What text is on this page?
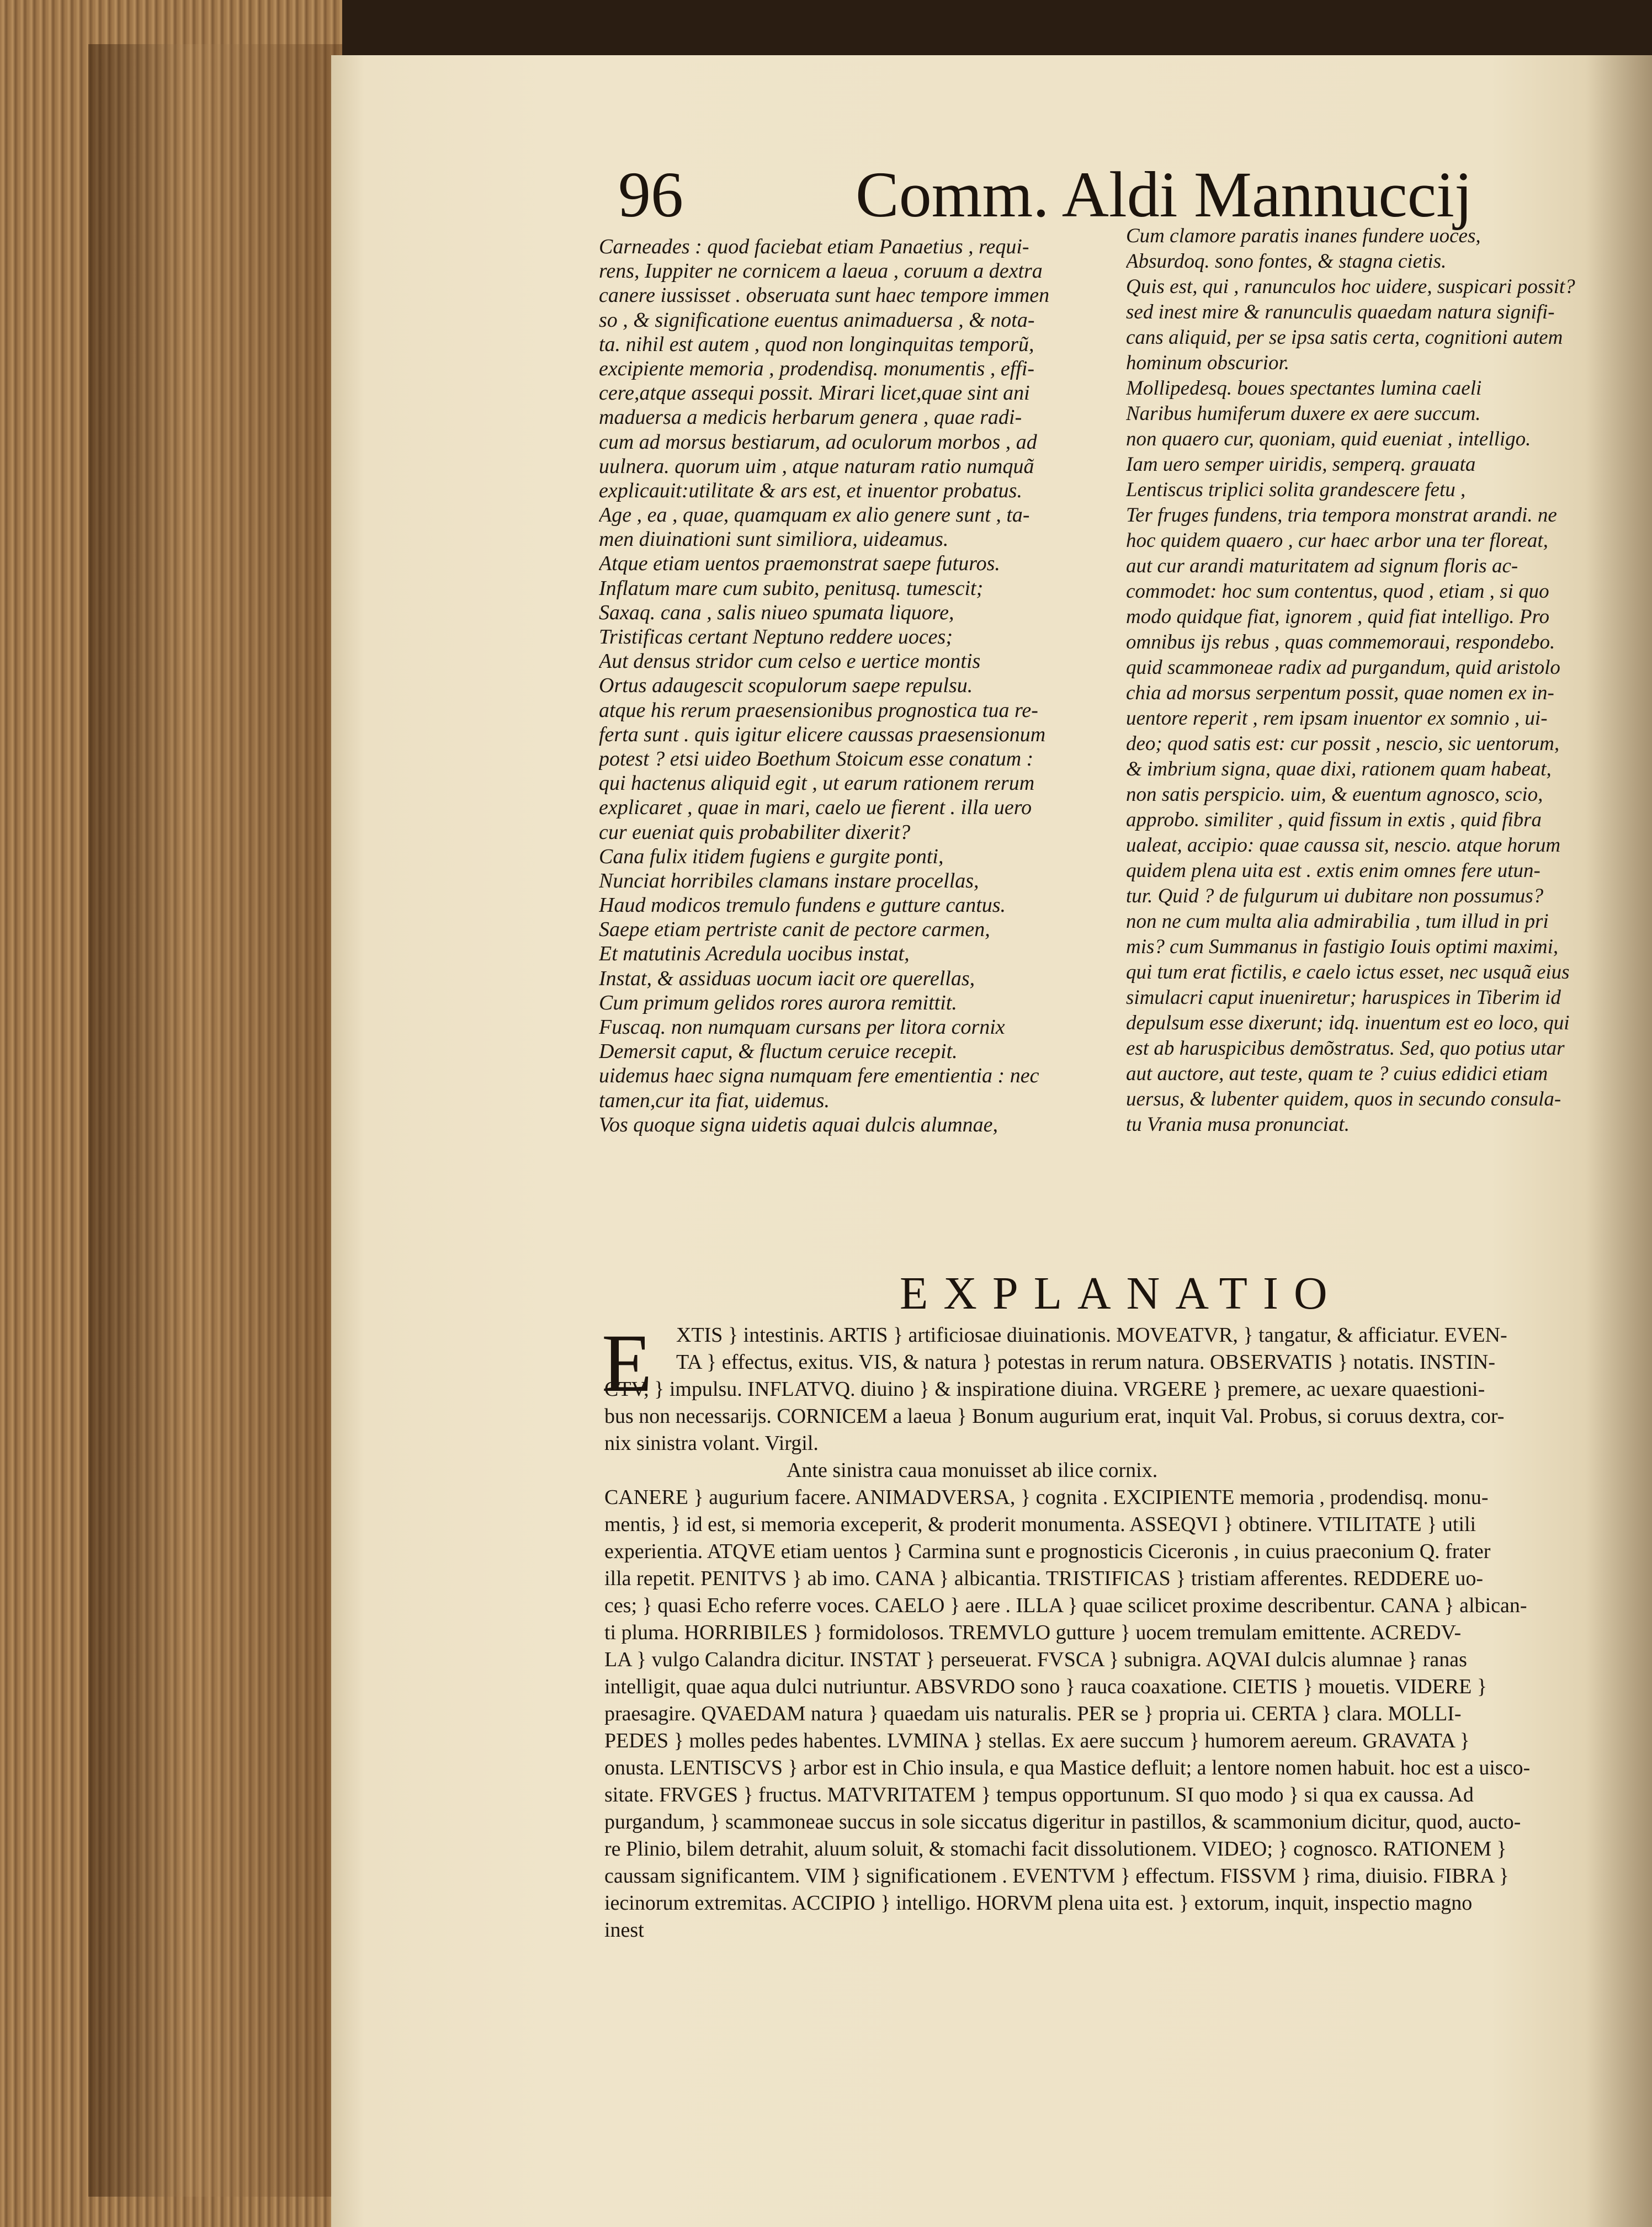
96	Comm. Aldi Mannuccij
Carneades : quod faciebat etiam Panaetius , requi-
rens, Iuppiter ne cornicem a laeua , coruum a dextra
canere iussisset . obseruata sunt haec tempore immen
so , & significatione euentus animaduersa , & nota-
ta. nihil est autem , quod non longinquitas temporũ,
excipiente memoria , prodendisq. monumentis , effi-
cere,atque assequi possit. Mirari licet,quae sint ani
maduersa a medicis herbarum genera , quae radi-
cum ad morsus bestiarum, ad oculorum morbos , ad
uulnera. quorum uim , atque naturam ratio numquã
explicauit:utilitate & ars est, et inuentor probatus.
Age , ea , quae, quamquam ex alio genere sunt , ta-
men diuinationi sunt similiora, uideamus.
Atque etiam uentos praemonstrat saepe futuros.
Inflatum mare cum subito, penitusq. tumescit;
Saxaq. cana , salis niueo spumata liquore,
Tristificas certant Neptuno reddere uoces;
Aut densus stridor cum celso e uertice montis
Ortus adaugescit scopulorum saepe repulsu.
atque his rerum praesensionibus prognostica tua re-
ferta sunt . quis igitur elicere caussas praesensionum
potest ? etsi uideo Boethum Stoicum esse conatum :
qui hactenus aliquid egit , ut earum rationem rerum
explicaret , quae in mari, caelo ue fierent . illa uero
cur eueniat quis probabiliter dixerit?
Cana fulix itidem fugiens e gurgite ponti,
Nunciat horribiles clamans instare procellas,
Haud modicos tremulo fundens e gutture cantus.
Saepe etiam pertriste canit de pectore carmen,
Et matutinis Acredula uocibus instat,
Instat, & assiduas uocum iacit ore querellas,
Cum primum gelidos rores aurora remittit.
Fuscaq. non numquam cursans per litora cornix
Demersit caput, & fluctum ceruice recepit.
uidemus haec signa numquam fere ementientia : nec
tamen,cur ita fiat, uidemus.
Vos quoque signa uidetis aquai dulcis alumnae,
Cum clamore paratis inanes fundere uoces,
Absurdoq. sono fontes, & stagna cietis.
Quis est, qui , ranunculos hoc uidere, suspicari possit?
sed inest mire & ranunculis quaedam natura signifi-
cans aliquid, per se ipsa satis certa, cognitioni autem
hominum obscurior.
Mollipedesq. boues spectantes lumina caeli
Naribus humiferum duxere ex aere succum.
non quaero cur, quoniam, quid eueniat , intelligo.
Iam uero semper uiridis, semperq. grauata
Lentiscus triplici solita grandescere fetu ,
Ter fruges fundens, tria tempora monstrat arandi. ne
hoc quidem quaero , cur haec arbor una ter floreat,
aut cur arandi maturitatem ad signum floris ac-
commodet: hoc sum contentus, quod , etiam , si quo
modo quidque fiat, ignorem , quid fiat intelligo. Pro
omnibus ijs rebus , quas commemoraui, respondebo.
quid scammoneae radix ad purgandum, quid aristolo
chia ad morsus serpentum possit, quae nomen ex in-
uentore reperit , rem ipsam inuentor ex somnio , ui-
deo; quod satis est: cur possit , nescio, sic uentorum,
& imbrium signa, quae dixi, rationem quam habeat,
non satis perspicio. uim, & euentum agnosco, scio,
approbo. similiter , quid fissum in extis , quid fibra
ualeat, accipio: quae caussa sit, nescio. atque horum
quidem plena uita est . extis enim omnes fere utun-
tur. Quid ? de fulgurum ui dubitare non possumus?
non ne cum multa alia admirabilia , tum illud in pri
mis? cum Summanus in fastigio Iouis optimi maximi,
qui tum erat fictilis, e caelo ictus esset, nec usquã eius
simulacri caput inueniretur; haruspices in Tiberim id
depulsum esse dixerunt; idq. inuentum est eo loco, qui
est ab haruspicibus demõstratus. Sed, quo potius utar
aut auctore, aut teste, quam te ? cuius edidici etiam
uersus, & lubenter quidem, quos in secundo consula-
tu Vrania musa pronunciat.
EXPLANATIO
E	XTIS } intestinis. ARTIS } artificiosae diuinationis. MOVEATVR, } tangatur, & afficiatur. EVEN-
TA } effectus, exitus. VIS, & natura } potestas in rerum natura. OBSERVATIS } notatis. INSTIN-
CTV, } impulsu. INFLATVQ. diuino } & inspiratione diuina. VRGERE } premere, ac uexare quaestioni-
bus non necessarijs. CORNICEM a laeua } Bonum augurium erat, inquit Val. Probus, si coruus dextra, cor-
nix sinistra volant. Virgil.
Ante sinistra caua monuisset ab ilice cornix.
CANERE } augurium facere. ANIMADVERSA, } cognita . EXCIPIENTE memoria , prodendisq. monu-
mentis, } id est, si memoria exceperit, & proderit monumenta. ASSEQVI } obtinere. VTILITATE } utili
experientia. ATQVE etiam uentos } Carmina sunt e prognosticis Ciceronis , in cuius praeconium Q. frater
illa repetit. PENITVS } ab imo. CANA } albicantia. TRISTIFICAS } tristiam afferentes. REDDERE uo-
ces; } quasi Echo referre voces. CAELO } aere . ILLA } quae scilicet proxime describentur. CANA } albican-
ti pluma. HORRIBILES } formidolosos. TREMVLO gutture } uocem tremulam emittente. ACREDV-
LA } vulgo Calandra dicitur. INSTAT } perseuerat. FVSCA } subnigra. AQVAI dulcis alumnae } ranas
intelligit, quae aqua dulci nutriuntur. ABSVRDO sono } rauca coaxatione. CIETIS } mouetis. VIDERE }
praesagire. QVAEDAM natura } quaedam uis naturalis. PER se } propria ui. CERTA } clara. MOLLI-
PEDES } molles pedes habentes. LVMINA } stellas. Ex aere succum } humorem aereum. GRAVATA }
onusta. LENTISCVS } arbor est in Chio insula, e qua Mastice defluit; a lentore nomen habuit. hoc est a uisco-
sitate. FRVGES } fructus. MATVRITATEM } tempus opportunum. SI quo modo } si qua ex caussa. Ad
purgandum, } scammoneae succus in sole siccatus digeritur in pastillos, & scammonium dicitur, quod, aucto-
re Plinio, bilem detrahit, aluum soluit, & stomachi facit dissolutionem. VIDEO; } cognosco. RATIONEM }
caussam significantem. VIM } significationem . EVENTVM } effectum. FISSVM } rima, diuisio. FIBRA }
iecinorum extremitas. ACCIPIO } intelligo. HORVM plena uita est. } extorum, inquit, inspectio magno
inest
